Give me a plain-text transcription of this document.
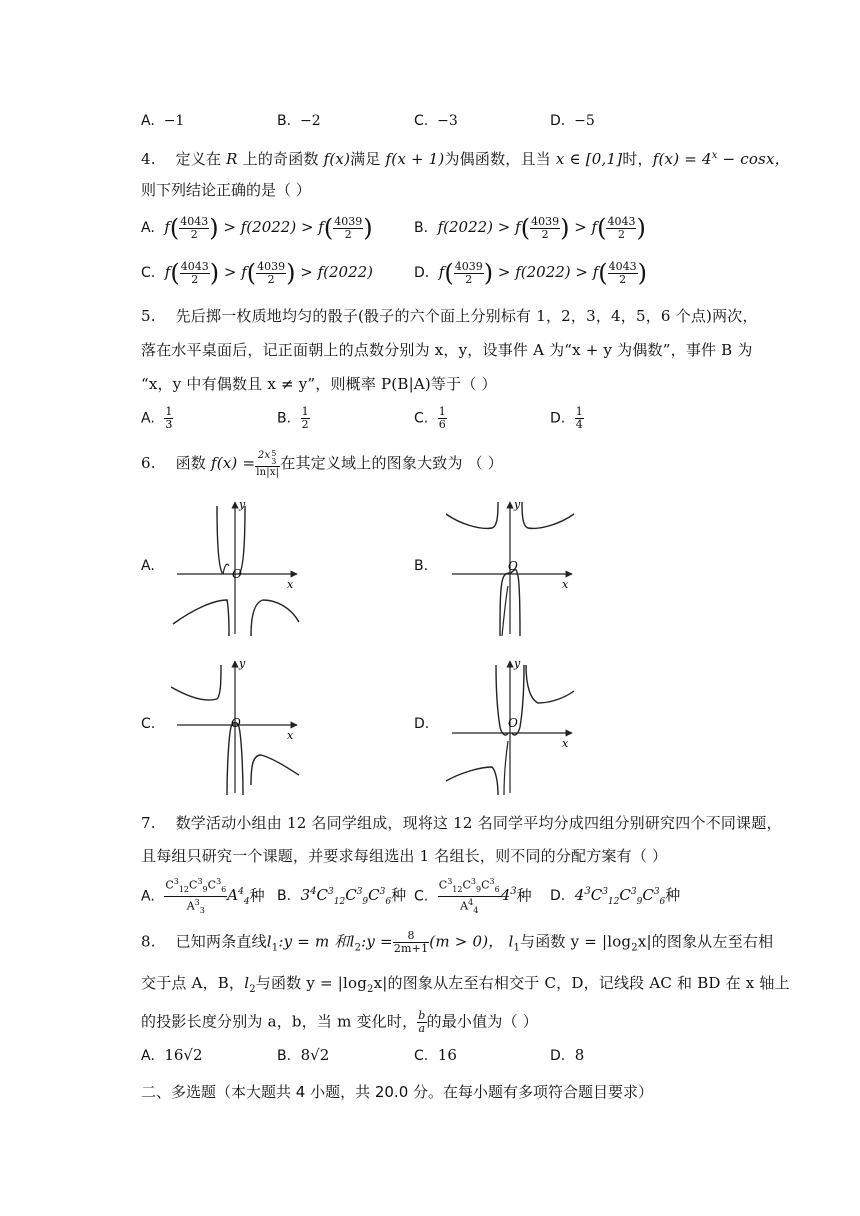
A. −1	B. −2	C. −3	D. −5
4. 定义在 R 上的奇函数 f(x)满足 f(x + 1)为偶函数，且当 x ∈ [0,1]时，$f(x) = 4^x - \cos x$，
则下列结论正确的是（ ）
A. $f( \frac{4043}{2}$ ) > $f(2022) > f( \frac{4039}{2}$ )	B. $f(2022) > f( \frac{4039}{2}$ ) > $f( \frac{4043}{2}$ )
C. $f( \frac{4043}{2}$ ) > $f( \frac{4039}{2}$ ) > f(2022)	D. $f( \frac{4039}{2}$ ) > $f(2022) > f( \frac{4043}{2}$ )
5. 先后掷一枚质地均匀的骰子(骰子的六个面上分别标有 1，2，3，4，5，6 个点)两次，
落在水平桌面后，记正面朝上的点数分别为 x，y，设事件 A 为“x + y 为偶数”，事件 B 为
“x，y 中有偶数且 x ≠ y”，则概率 P(B|A)等于（ ）
A. $\frac{1}{3}$	B. $\frac{1}{2}$	C. $\frac{1}{6}$	D. $\frac{1}{4}$
6. 函数 f(x) = 2x 5
3
ln|x| 在其定义域上的图象大致为 （ ）
A.	B.
C.	D.
x
y
O
x
y
O
x
y
O
x
y
O
7. 数学活动小组由 12 名同学组成，现将这 12 名同学平均分成四组分别研究四个不同课题，
且每组只研究一个课题，并要求每组选出 1 名组长，则不同的分配方案有（ ）
A. $\frac{C^3_{12}C^3_9C^3_6}{A^3_3} A^4_4$种 B. $3^4C^3_{12}C^3_9C^3_6$种 C. $\frac{C^3_{12}C^3_9C^3_6}{A^4_4} 4^3$种 D. $4^3C^3_{12}C^3_9C^3_6$种
8. 已知两条直线$l_1:y = m$ 和$l_2:y = \frac{8}{2m+1} (m > 0)$， $l_1$与函数 $y = |\log_2x|$的图象从左至右相
交于点 A，B，$l_2$与函数 $y = |\log_2x|$的图象从左至右相交于 C，D，记线段 AC 和 BD 在 x 轴上
的投影长度分别为 a，b，当 m 变化时， $\frac{b}{a}$ 的最小值为（ ）
A. 16√2	B. 8√2	C. 16	D. 8
二、多选题（本大题共 4 小题，共 20.0 分。在每小题有多项符合题目要求）
